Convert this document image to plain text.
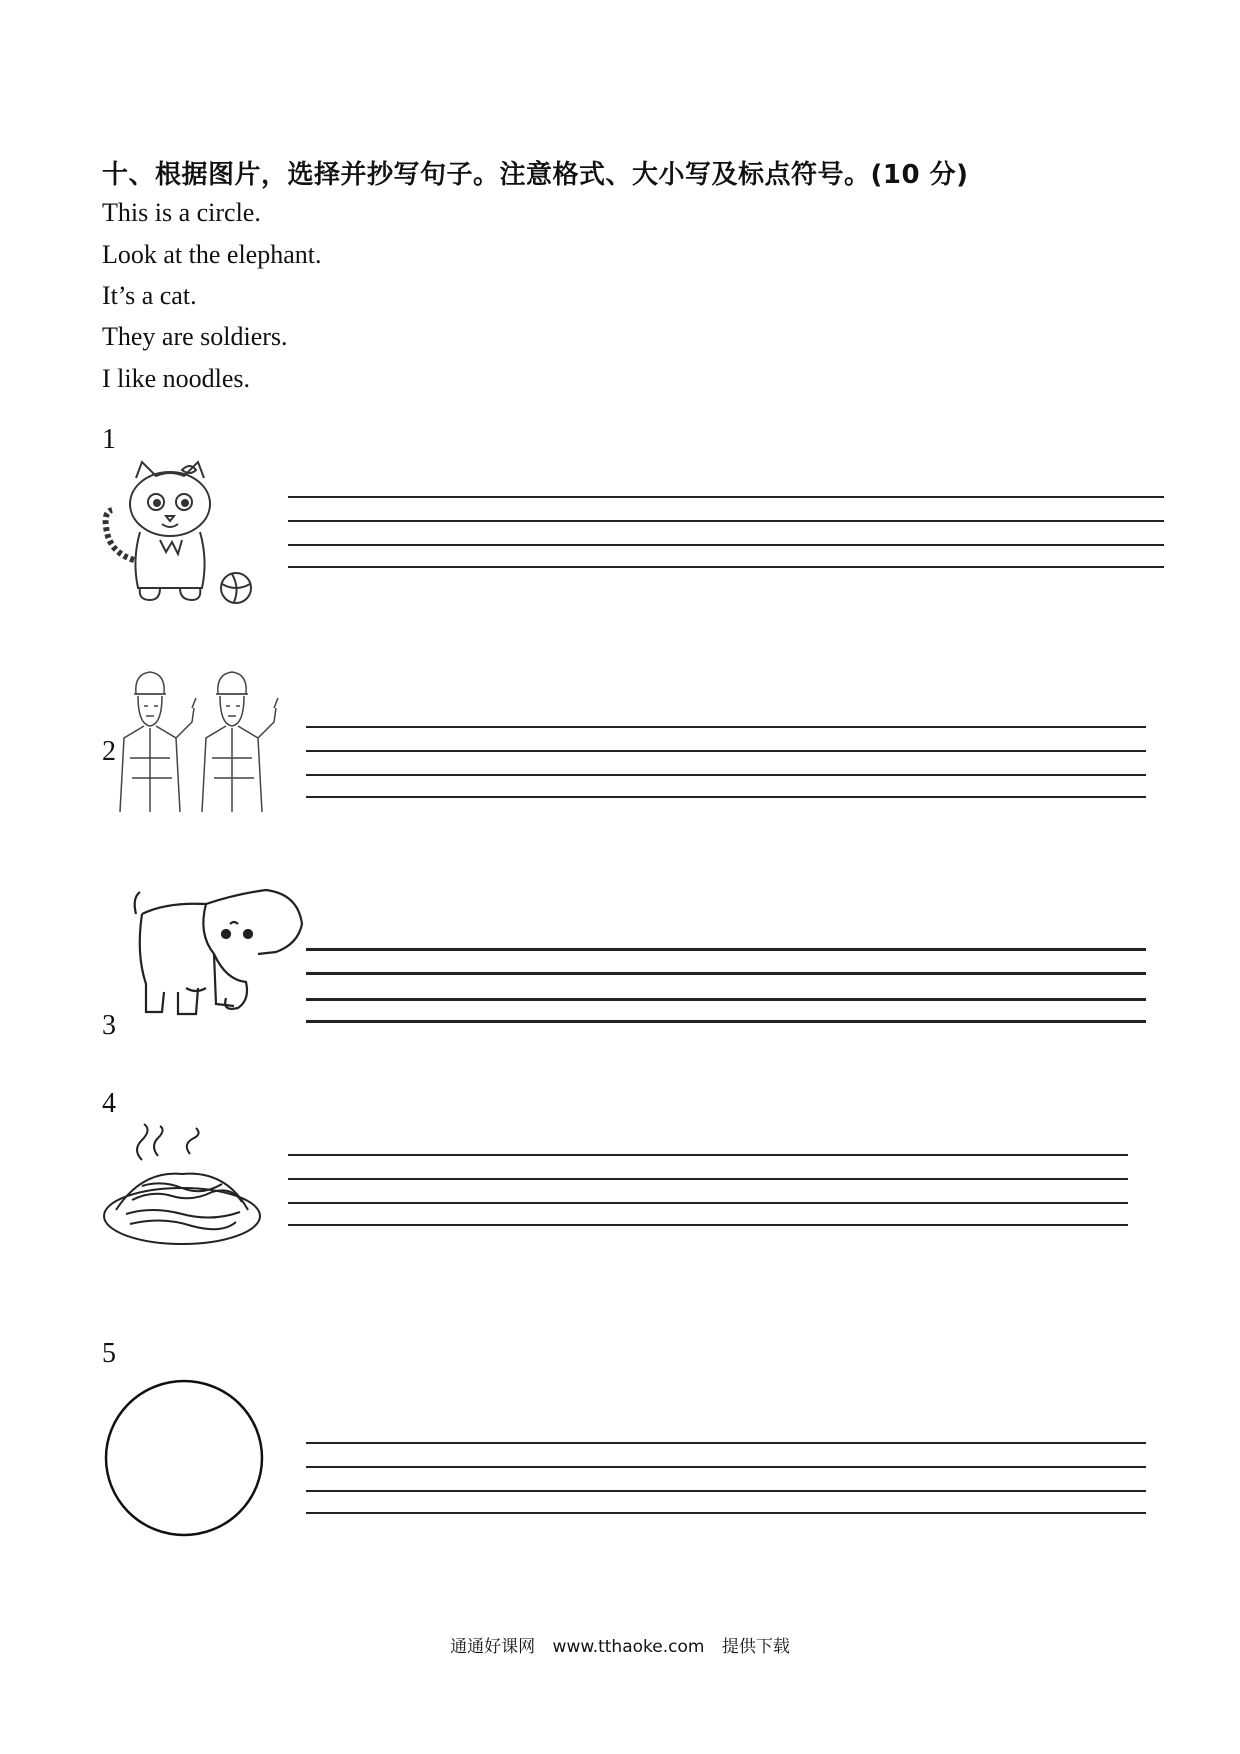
十、根据图片，选择并抄写句子。注意格式、大小写及标点符号。(10 分)
This is a circle.
Look at the elephant.
It’s a cat.
They are soldiers.
I like noodles.
1
2
3
4
5
通通好课网 www.tthaoke.com 提供下载
